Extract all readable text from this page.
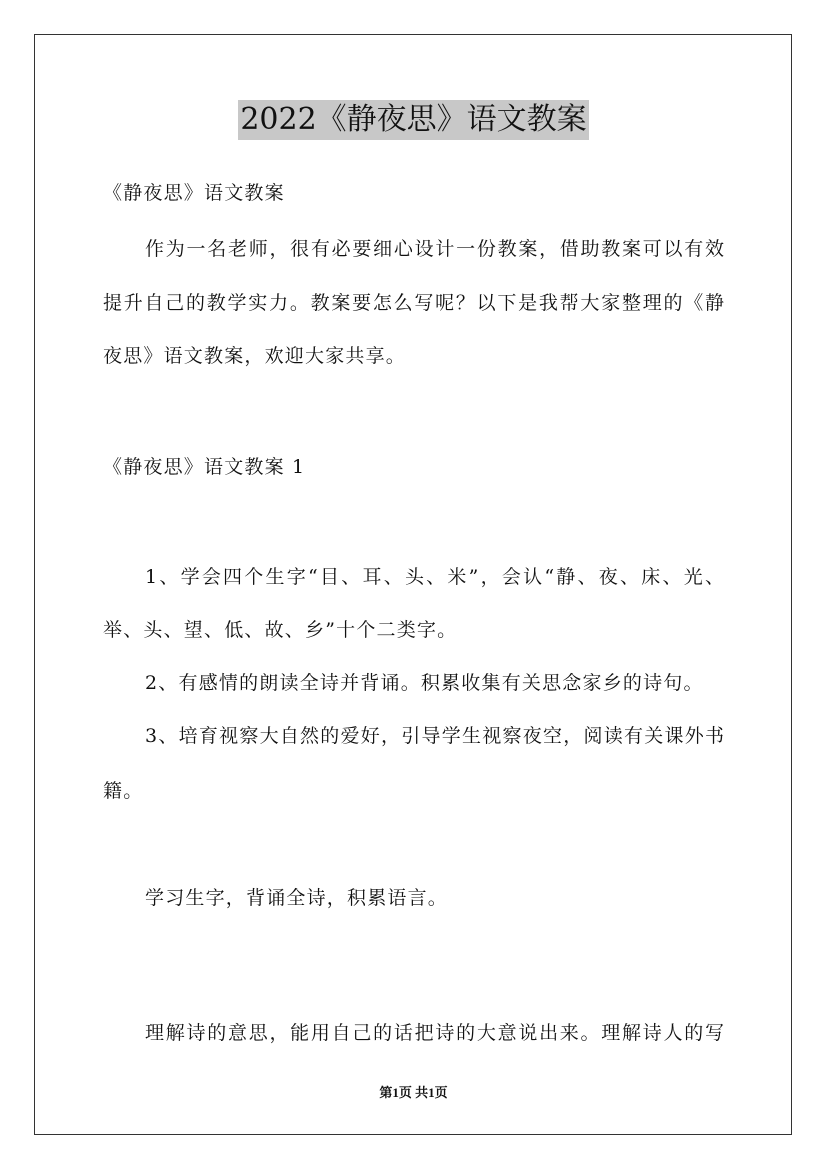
2022《静夜思》语文教案
《静夜思》语文教案
作为一名老师，很有必要细心设计一份教案，借助教案可以有效
提升自己的教学实力。教案要怎么写呢？以下是我帮大家整理的《静
夜思》语文教案，欢迎大家共享。
《静夜思》语文教案 1
1、学会四个生字“目、耳、头、米”，会认“静、夜、床、光、
举、头、望、低、故、乡”十个二类字。
2、有感情的朗读全诗并背诵。积累收集有关思念家乡的诗句。
3、培育视察大自然的爱好，引导学生视察夜空，阅读有关课外书
籍。
学习生字，背诵全诗，积累语言。
理解诗的意思，能用自己的话把诗的大意说出来。理解诗人的写
第1页 共1页
